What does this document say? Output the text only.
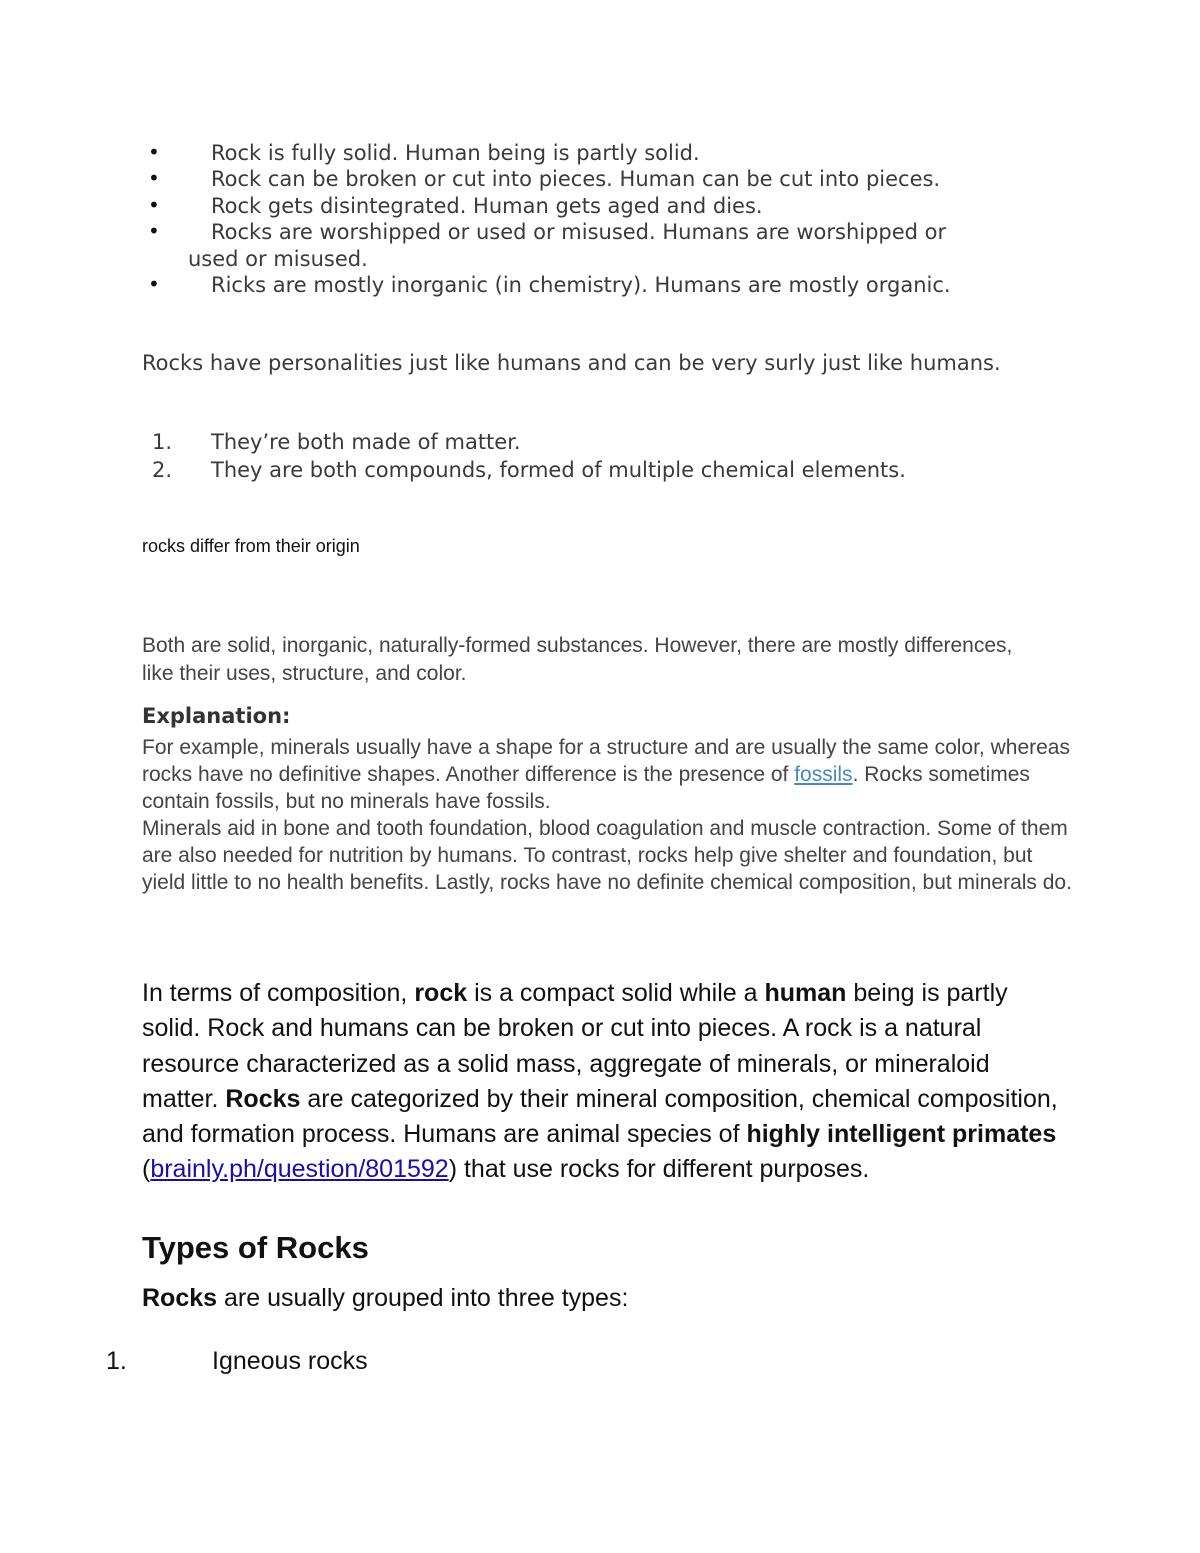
• Rock is fully solid. Human being is partly solid.
• Rock can be broken or cut into pieces. Human can be cut into pieces.
• Rock gets disintegrated. Human gets aged and dies.
• Rocks are worshipped or used or misused. Humans are worshipped or
used or misused.
• Ricks are mostly inorganic (in chemistry). Humans are mostly organic.
Rocks have personalities just like humans and can be very surly just like humans.
1. They’re both made of matter.
2. They are both compounds, formed of multiple chemical elements.
rocks differ from their origin
Both are solid, inorganic, naturally-formed substances. However, there are mostly differences, like their uses, structure, and color.
Explanation:
For example, minerals usually have a shape for a structure and are usually the same color, whereas rocks have no definitive shapes. Another difference is the presence of fossils. Rocks sometimes contain fossils, but no minerals have fossils.
Minerals aid in bone and tooth foundation, blood coagulation and muscle contraction. Some of them are also needed for nutrition by humans. To contrast, rocks help give shelter and foundation, but yield little to no health benefits. Lastly, rocks have no definite chemical composition, but minerals do.
In terms of composition, rock is a compact solid while a human being is partly solid. Rock and humans can be broken or cut into pieces. A rock is a natural resource characterized as a solid mass, aggregate of minerals, or mineraloid matter. Rocks are categorized by their mineral composition, chemical composition, and formation process. Humans are animal species of highly intelligent primates (brainly.ph/question/801592) that use rocks for different purposes.
Types of Rocks
Rocks are usually grouped into three types:
1.	Igneous rocks
